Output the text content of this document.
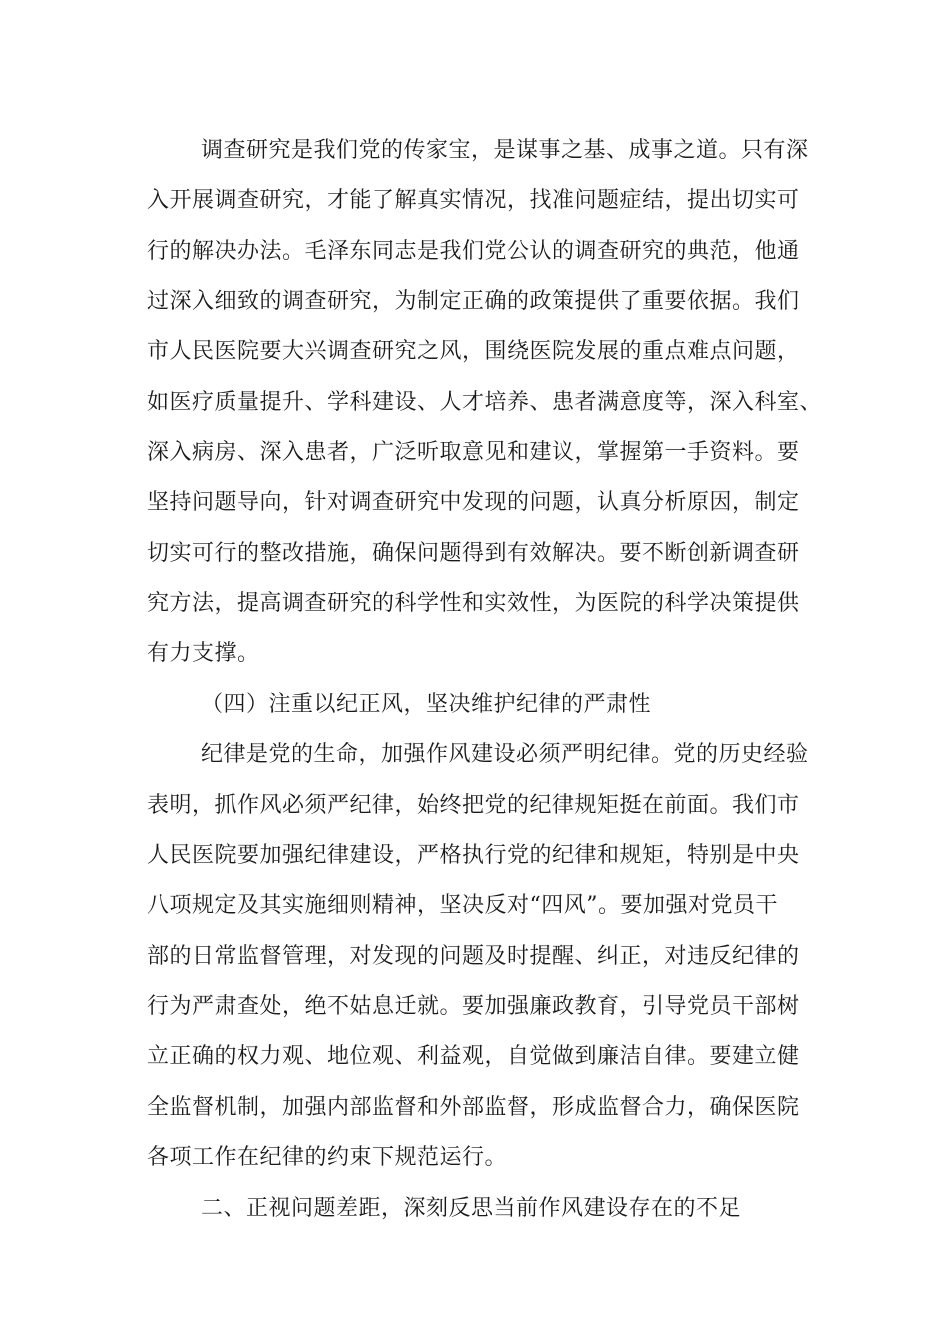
调查研究是我们党的传家宝，是谋事之基、成事之道。只有深
入开展调查研究，才能了解真实情况，找准问题症结，提出切实可
行的解决办法。毛泽东同志是我们党公认的调查研究的典范，他通
过深入细致的调查研究，为制定正确的政策提供了重要依据。我们
市人民医院要大兴调查研究之风，围绕医院发展的重点难点问题，
如医疗质量提升、学科建设、人才培养、患者满意度等，深入科室、
深入病房、深入患者，广泛听取意见和建议，掌握第一手资料。要
坚持问题导向，针对调查研究中发现的问题，认真分析原因，制定
切实可行的整改措施，确保问题得到有效解决。要不断创新调查研
究方法，提高调查研究的科学性和实效性，为医院的科学决策提供
有力支撑。
（四）注重以纪正风，坚决维护纪律的严肃性
纪律是党的生命，加强作风建设必须严明纪律。党的历史经验
表明，抓作风必须严纪律，始终把党的纪律规矩挺在前面。我们市
人民医院要加强纪律建设，严格执行党的纪律和规矩，特别是中央
八项规定及其实施细则精神，坚决反对“四风”。要加强对党员干
部的日常监督管理，对发现的问题及时提醒、纠正，对违反纪律的
行为严肃查处，绝不姑息迁就。要加强廉政教育，引导党员干部树
立正确的权力观、地位观、利益观，自觉做到廉洁自律。要建立健
全监督机制，加强内部监督和外部监督，形成监督合力，确保医院
各项工作在纪律的约束下规范运行。
二、正视问题差距，深刻反思当前作风建设存在的不足
